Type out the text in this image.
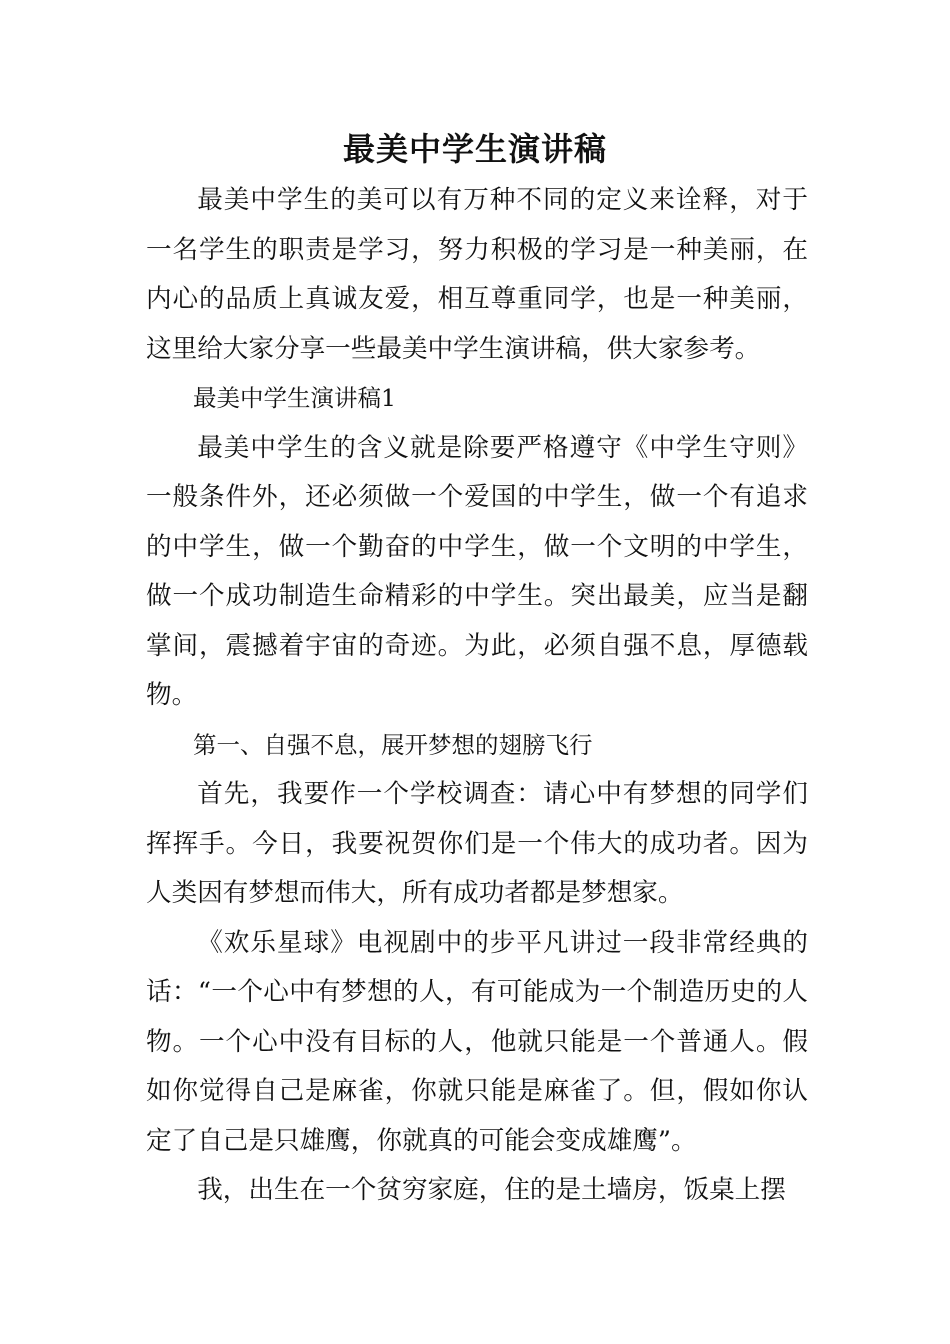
最美中学生演讲稿

最美中学生的美可以有万种不同的定义来诠释，对于一名学生的职责是学习，努力积极的学习是一种美丽，在内心的品质上真诚友爱，相互尊重同学，也是一种美丽，这里给大家分享一些最美中学生演讲稿，供大家参考。

最美中学生演讲稿1

最美中学生的含义就是除要严格遵守《中学生守则》一般条件外，还必须做一个爱国的中学生，做一个有追求的中学生，做一个勤奋的中学生，做一个文明的中学生，做一个成功制造生命精彩的中学生。突出最美，应当是翻掌间，震撼着宇宙的奇迹。为此，必须自强不息，厚德载物。

第一、自强不息，展开梦想的翅膀飞行

首先，我要作一个学校调查：请心中有梦想的同学们挥挥手。今日，我要祝贺你们是一个伟大的成功者。因为人类因有梦想而伟大，所有成功者都是梦想家。

《欢乐星球》电视剧中的步平凡讲过一段非常经典的话：“一个心中有梦想的人，有可能成为一个制造历史的人物。一个心中没有目标的人，他就只能是一个普通人。假如你觉得自己是麻雀，你就只能是麻雀了。但，假如你认定了自己是只雄鹰，你就真的可能会变成雄鹰”。

我，出生在一个贫穷家庭，住的是土墙房，饭桌上摆
